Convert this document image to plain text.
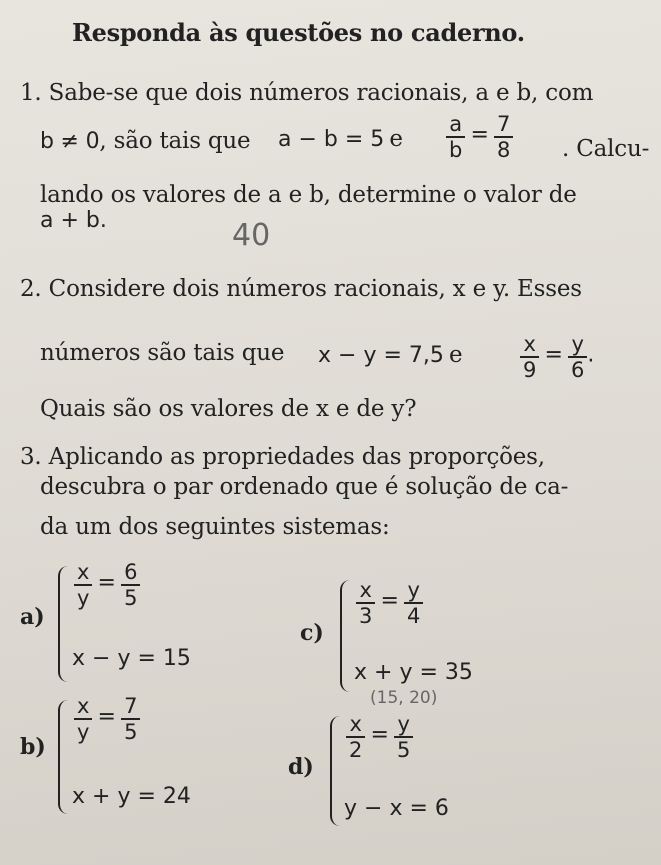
Responda às questões no caderno.
1. Sabe-se que dois números racionais, a e b, com
b ≠ 0, são tais que a − b = 5 e $\frac{a}{b} = \frac{7}{8}$ . Calcu-
lando os valores de a e b, determine o valor de
a + b.	40
2. Considere dois números racionais, x e y. Esses
números são tais que x − y = 7,5 e	$\frac{x}{9} = \frac{y}{6}$ .
Quais são os valores de x e de y?
3. Aplicando as propriedades das proporções,
descubra o par ordenado que é solução de ca-
da um dos seguintes sistemas:
a)
$\frac{x}{y} = \frac{6}{5}$
x − y = 15
c)
$\frac{x}{3} = \frac{y}{4}$
x + y = 35
(15, 20)
b)
$\frac{x}{y} = \frac{7}{5}$
x + y = 24
d)
$\frac{x}{2} = \frac{y}{5}$
y − x = 6
